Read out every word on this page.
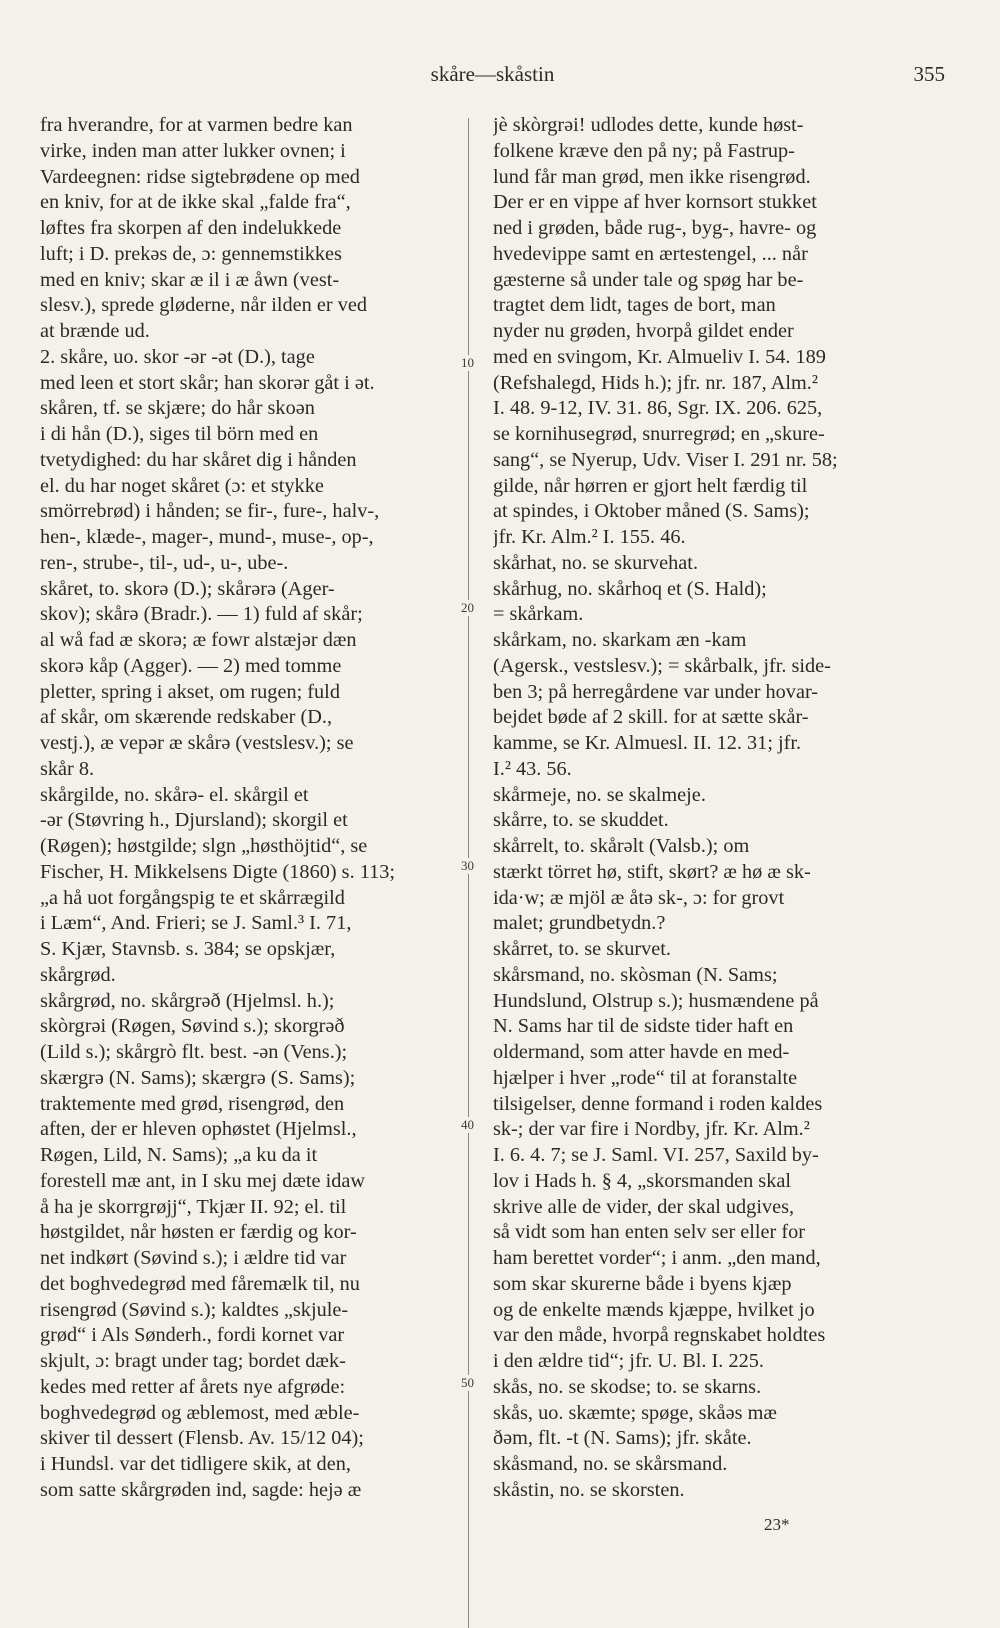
skåre—skåstin	355
fra hverandre, for at varmen bedre kan
virke, inden man atter lukker ovnen; i
Vardeegnen: ridse sigtebrødene op med
en kniv, for at de ikke skal „falde fra“,
løftes fra skorpen af den indelukkede
luft; i D. prekəs de, ɔ: gennemstikkes
med en kniv; skar æ il i æ åwn (vest-
slesv.), sprede gløderne, når ilden er ved
at brænde ud.
2. skåre, uo. skor -ər -ət (D.), tage
med leen et stort skår; han skorər gåt i ət.
skåren, tf. se skjære; do hår skoən
i di hån (D.), siges til börn med en
tvetydighed: du har skåret dig i hånden
el. du har noget skåret (ɔ: et stykke
smörrebrød) i hånden; se fir-, fure-, halv-,
hen-, klæde-, mager-, mund-, muse-, op-,
ren-, strube-, til-, ud-, u-, ube-.
skåret, to. skorə (D.); skårərə (Ager-
skov); skårə (Bradr.). — 1) fuld af skår;
al wå fad æ skorə; æ fowr alstæjər dæn
skorə kåp (Agger). — 2) med tomme
pletter, spring i akset, om rugen; fuld
af skår, om skærende redskaber (D.,
vestj.), æ vepər æ skårə (vestslesv.); se
skår 8.
skårgilde, no. skårə- el. skårgil et
-ər (Støvring h., Djursland); skorgil et
(Røgen); høstgilde; slgn „høsthöjtid“, se
Fischer, H. Mikkelsens Digte (1860) s. 113;
„a hå uot forgångspig te et skårrægild
i Læm“, And. Frieri; se J. Saml.³ I. 71,
S. Kjær, Stavnsb. s. 384; se opskjær,
skårgrød.
skårgrød, no. skårgrəð (Hjelmsl. h.);
skòrgrəi (Røgen, Søvind s.); skorgrəð
(Lild s.); skårgrò flt. best. -ən (Vens.);
skærgrə (N. Sams); skærgrə (S. Sams);
traktemente med grød, risengrød, den
aften, der er hleven ophøstet (Hjelmsl.,
Røgen, Lild, N. Sams); „a ku da it
forestell mæ ant, in I sku mej dæte idaw
å ha je skorrgrøjj“, Tkjær II. 92; el. til
høstgildet, når høsten er færdig og kor-
net indkørt (Søvind s.); i ældre tid var
det boghvedegrød med fåremælk til, nu
risengrød (Søvind s.); kaldtes „skjule-
grød“ i Als Sønderh., fordi kornet var
skjult, ɔ: bragt under tag; bordet dæk-
kedes med retter af årets nye afgrøde:
boghvedegrød og æblemost, med æble-
skiver til dessert (Flensb. Av. 15/12 04);
i Hundsl. var det tidligere skik, at den,
som satte skårgrøden ind, sagde: hejə æ
jè skòrgrəi! udlodes dette, kunde høst-
folkene kræve den på ny; på Fastrup-
lund får man grød, men ikke risengrød.
Der er en vippe af hver kornsort stukket
ned i grøden, både rug-, byg-, havre- og
hvedevippe samt en ærtestengel, ... når
gæsterne så under tale og spøg har be-
tragtet dem lidt, tages de bort, man
nyder nu grøden, hvorpå gildet ender
med en svingom, Kr. Almueliv I. 54. 189
(Refshalegd, Hids h.); jfr. nr. 187, Alm.²
I. 48. 9-12, IV. 31. 86, Sgr. IX. 206. 625,
se kornihusegrød, snurregrød; en „skure-
sang“, se Nyerup, Udv. Viser I. 291 nr. 58;
gilde, når hørren er gjort helt færdig til
at spindes, i Oktober måned (S. Sams);
jfr. Kr. Alm.² I. 155. 46.
skårhat, no. se skurvehat.
skårhug, no. skårhoq et (S. Hald);
= skårkam.
skårkam, no. skarkam æn -kam
(Agersk., vestslesv.); = skårbalk, jfr. side-
ben 3; på herregårdene var under hovar-
bejdet bøde af 2 skill. for at sætte skår-
kamme, se Kr. Almuesl. II. 12. 31; jfr.
I.² 43. 56.
skårmeje, no. se skalmeje.
skårre, to. se skuddet.
skårrelt, to. skårəlt (Valsb.); om
stærkt törret hø, stift, skørt? æ hø æ sk-
ida·w; æ mjöl æ åtə sk-, ɔ: for grovt
malet; grundbetydn.?
skårret, to. se skurvet.
skårsmand, no. skòsman (N. Sams;
Hundslund, Olstrup s.); husmændene på
N. Sams har til de sidste tider haft en
oldermand, som atter havde en med-
hjælper i hver „rode“ til at foranstalte
tilsigelser, denne formand i roden kaldes
sk-; der var fire i Nordby, jfr. Kr. Alm.²
I. 6. 4. 7; se J. Saml. VI. 257, Saxild by-
lov i Hads h. § 4, „skorsmanden skal
skrive alle de vider, der skal udgives,
så vidt som han enten selv ser eller for
ham berettet vorder“; i anm. „den mand,
som skar skurerne både i byens kjæp
og de enkelte mænds kjæppe, hvilket jo
var den måde, hvorpå regnskabet holdtes
i den ældre tid“; jfr. U. Bl. I. 225.
skås, no. se skodse; to. se skarns.
skås, uo. skæmte; spøge, skåəs mæ
ðəm, flt. -t (N. Sams); jfr. skåte.
skåsmand, no. se skårsmand.
skåstin, no. se skorsten.
10
20
30
40
50
23*
